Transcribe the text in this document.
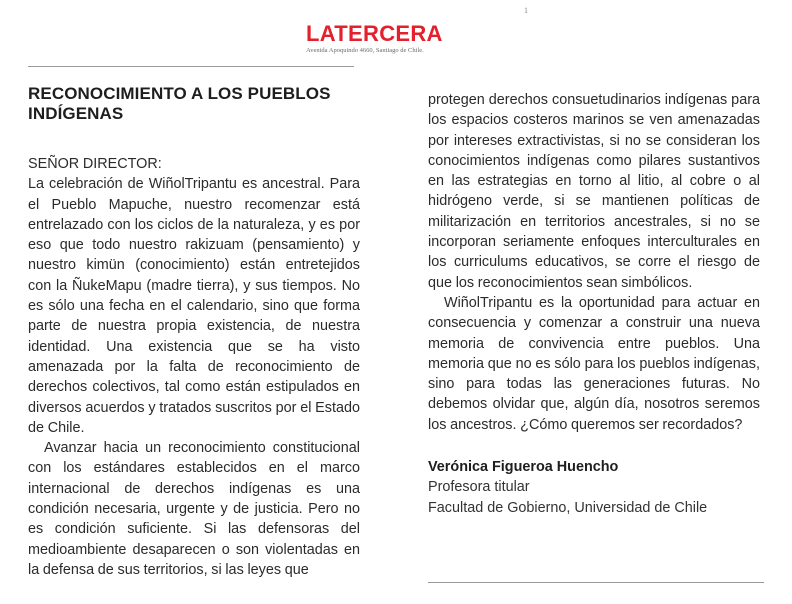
1
LATERCERA
Avenida Apoquindo 4660, Santiago de Chile.
RECONOCIMIENTO A LOS PUEBLOS INDÍGENAS

SEÑOR DIRECTOR:

La celebración de WiñolTripantu es ancestral. Para el Pueblo Mapuche, nuestro recomenzar está entrelazado con los ciclos de la naturaleza, y es por eso que todo nuestro rakizuam (pensamiento) y nuestro kimün (conocimiento) están entretejidos con la ÑukeMapu (madre tierra), y sus tiempos. No es sólo una fecha en el calendario, sino que forma parte de nuestra propia existencia, de nuestra identidad. Una existencia que se ha visto amenazada por la falta de reconocimiento de derechos colectivos, tal como están estipulados en diversos acuerdos y tratados suscritos por el Estado de Chile.

Avanzar hacia un reconocimiento constitucional con los estándares establecidos en el marco internacional de derechos indígenas es una condición necesaria, urgente y de justicia. Pero no es condición suficiente. Si las defensoras del medioambiente desaparecen o son violentadas en la defensa de sus territorios, si las leyes que

protegen derechos consuetudinarios indígenas para los espacios costeros marinos se ven amenazadas por intereses extractivistas, si no se consideran los conocimientos indígenas como pilares sustantivos en las estrategias en torno al litio, al cobre o al hidrógeno verde, si se mantienen políticas de militarización en territorios ancestrales, si no se incorporan seriamente enfoques interculturales en los curriculums educativos, se corre el riesgo de que los reconocimientos sean simbólicos.

WiñolTripantu es la oportunidad para actuar en consecuencia y comenzar a construir una nueva memoria de convivencia entre pueblos. Una memoria que no es sólo para los pueblos indígenas, sino para todas las generaciones futuras. No debemos olvidar que, algún día, nosotros seremos los ancestros. ¿Cómo queremos ser recordados?

Verónica Figueroa Huencho
Profesora titular
Facultad de Gobierno, Universidad de Chile
